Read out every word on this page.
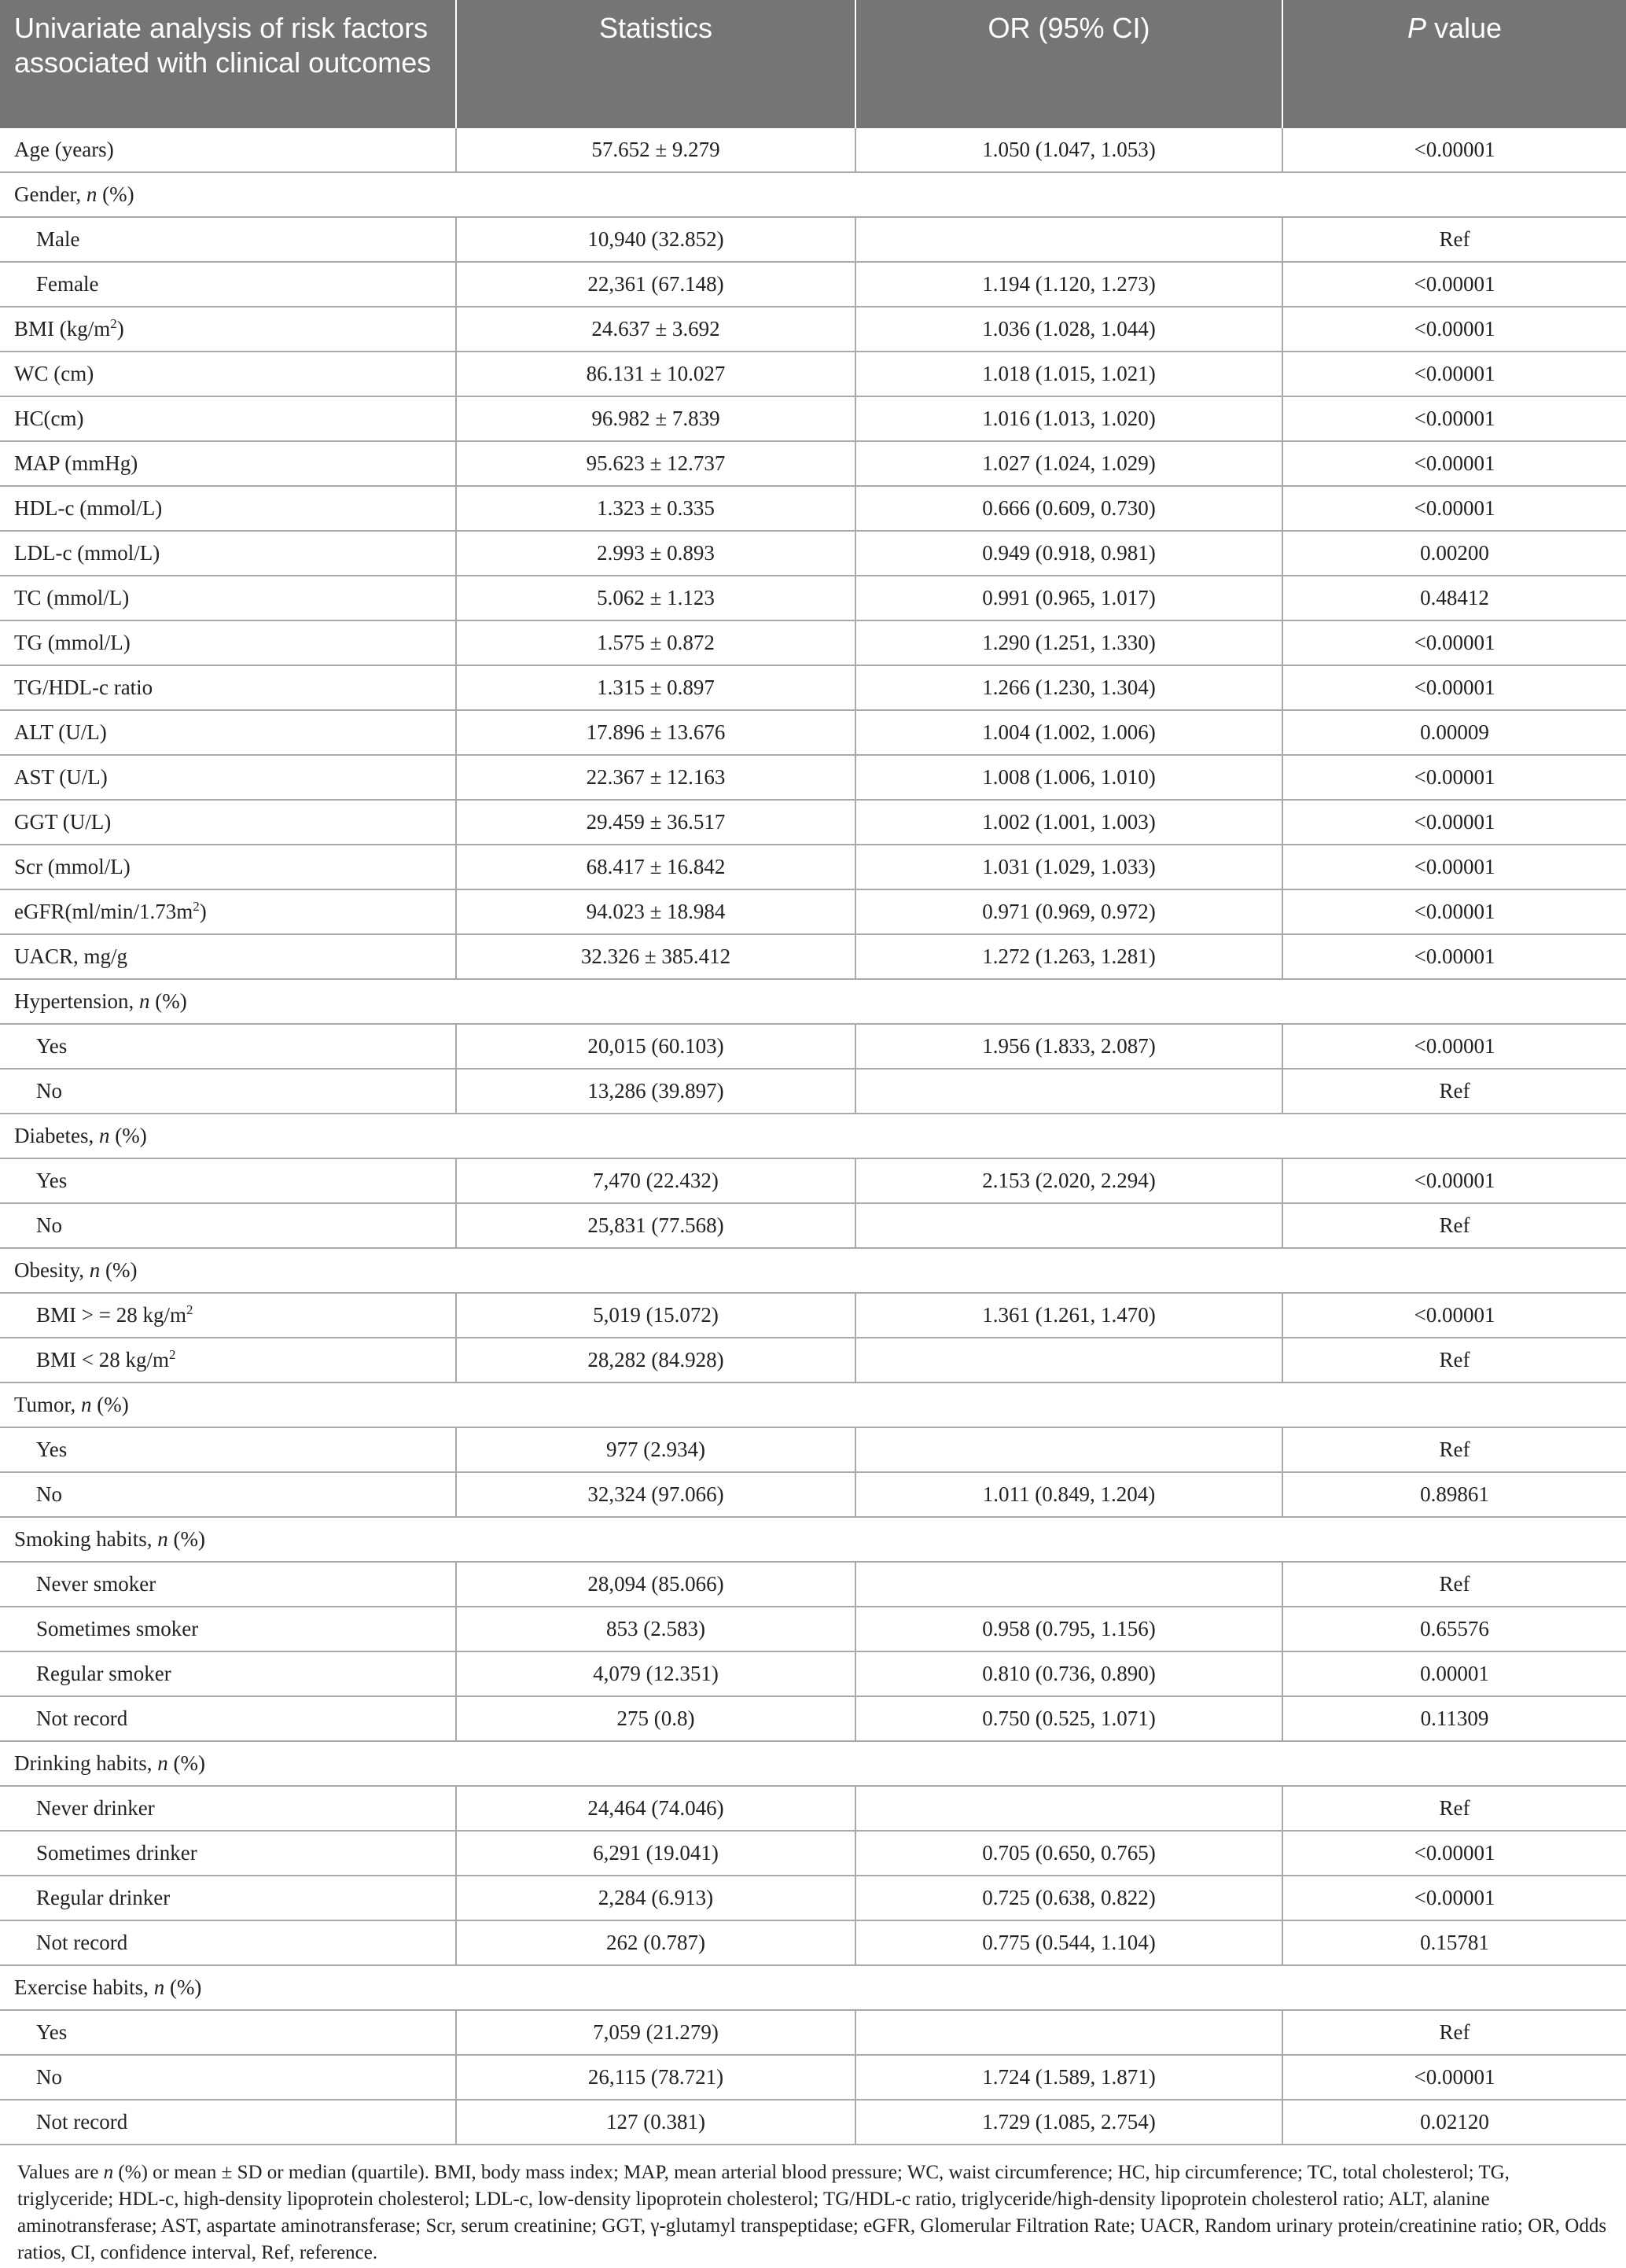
Univariate analysis of risk factors associated with clinical outcomes	Statistics	OR (95% CI)	P value
Age (years)	57.652 ± 9.279	1.050 (1.047, 1.053)	<0.00001
Gender, n (%)			
Male	10,940 (32.852)		Ref
Female	22,361 (67.148)	1.194 (1.120, 1.273)	<0.00001
BMI $(kg/m^2)$	24.637 ± 3.692	1.036 (1.028, 1.044)	<0.00001
WC (cm)	86.131 ± 10.027	1.018 (1.015, 1.021)	<0.00001
HC(cm)	96.982 ± 7.839	1.016 (1.013, 1.020)	<0.00001
MAP (mmHg)	95.623 ± 12.737	1.027 (1.024, 1.029)	<0.00001
HDL-c (mmol/L)	1.323 ± 0.335	0.666 (0.609, 0.730)	<0.00001
LDL-c (mmol/L)	2.993 ± 0.893	0.949 (0.918, 0.981)	0.00200
TC (mmol/L)	5.062 ± 1.123	0.991 (0.965, 1.017)	0.48412
TG (mmol/L)	1.575 ± 0.872	1.290 (1.251, 1.330)	<0.00001
TG/HDL-c ratio	1.315 ± 0.897	1.266 (1.230, 1.304)	<0.00001
ALT (U/L)	17.896 ± 13.676	1.004 (1.002, 1.006)	0.00009
AST (U/L)	22.367 ± 12.163	1.008 (1.006, 1.010)	<0.00001
GGT (U/L)	29.459 ± 36.517	1.002 (1.001, 1.003)	<0.00001
Scr (mmol/L)	68.417 ± 16.842	1.031 (1.029, 1.033)	<0.00001
$eGFR(ml/\min/1.73m^2)$	94.023 ± 18.984	0.971 (0.969, 0.972)	<0.00001
UACR, mg/g	32.326 ± 385.412	1.272 (1.263, 1.281)	<0.00001
Hypertension, n (%)			
Yes	20,015 (60.103)	1.956 (1.833, 2.087)	<0.00001
No	13,286 (39.897)		Ref
Diabetes, n (%)			
Yes	7,470 (22.432)	2.153 (2.020, 2.294)	<0.00001
No	25,831 (77.568)		Ref
Obesity, n (%)			
BMI > = 28 $kg/m^2$	5,019 (15.072)	1.361 (1.261, 1.470)	<0.00001
BMI < 28 $kg/m^2$	28,282 (84.928)		Ref
Tumor, n (%)			
Yes	977 (2.934)		Ref
No	32,324 (97.066)	1.011 (0.849, 1.204)	0.89861
Smoking habits, n (%)			
Never smoker	28,094 (85.066)		Ref
Sometimes smoker	853 (2.583)	0.958 (0.795, 1.156)	0.65576
Regular smoker	4,079 (12.351)	0.810 (0.736, 0.890)	0.00001
Not record	275 (0.8)	0.750 (0.525, 1.071)	0.11309
Drinking habits, n (%)			
Never drinker	24,464 (74.046)		Ref
Sometimes drinker	6,291 (19.041)	0.705 (0.650, 0.765)	<0.00001
Regular drinker	2,284 (6.913)	0.725 (0.638, 0.822)	<0.00001
Not record	262 (0.787)	0.775 (0.544, 1.104)	0.15781
Exercise habits, n (%)			
Yes	7,059 (21.279)		Ref
No	26,115 (78.721)	1.724 (1.589, 1.871)	<0.00001
Not record	127 (0.381)	1.729 (1.085, 2.754)	0.02120
Values are n (%) or mean ± SD or median (quartile). BMI, body mass index; MAP, mean arterial blood pressure; WC, waist circumference; HC, hip circumference; TC, total cholesterol; TG, triglyceride; HDL-c, high-density lipoprotein cholesterol; LDL-c, low-density lipoprotein cholesterol; TG/HDL-c ratio, triglyceride/high-density lipoprotein cholesterol ratio; ALT, alanine aminotransferase; AST, aspartate aminotransferase; Scr, serum creatinine; GGT, γ-glutamyl transpeptidase; eGFR, Glomerular Filtration Rate; UACR, Random urinary protein/creatinine ratio; OR, Odds ratios, CI, confidence interval, Ref, reference.
